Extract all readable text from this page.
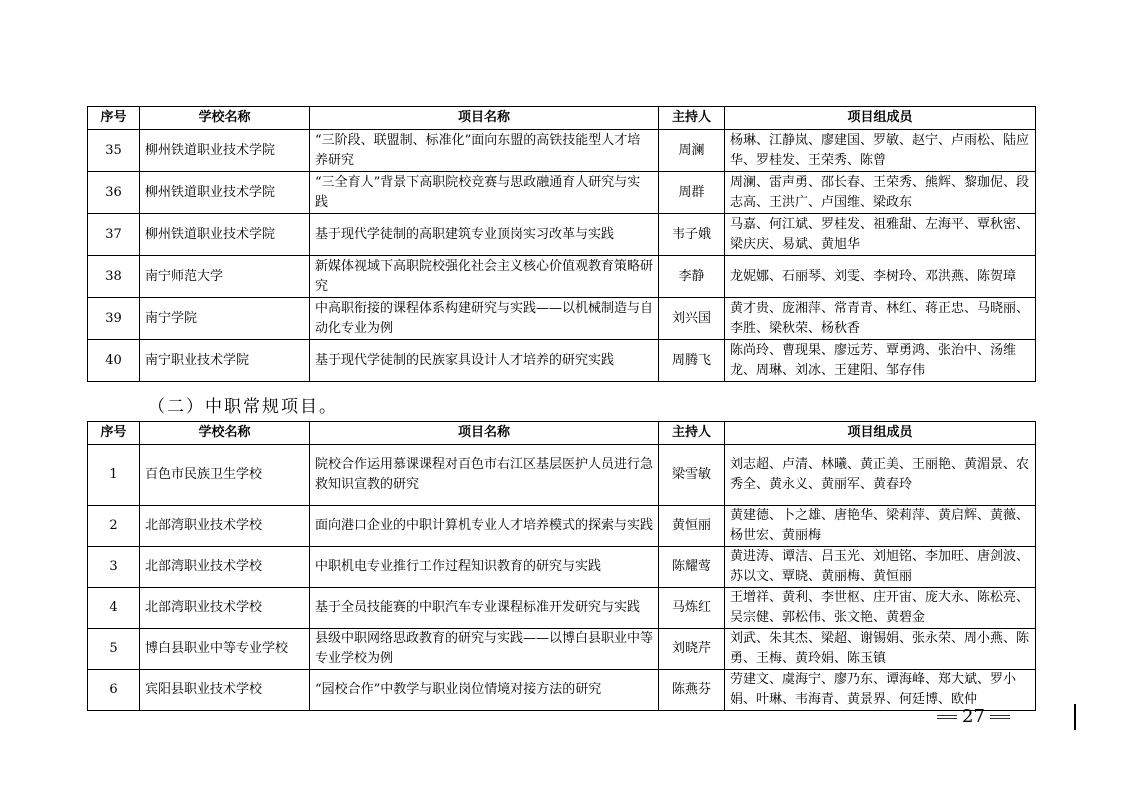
序号	学校名称	项目名称	主持人	项目组成员
35	柳州铁道职业技术学院	“三阶段、联盟制、标准化”面向东盟的高铁技能型人才培养研究	周澜	杨琳、江静岚、廖建国、罗敏、赵宁、卢雨松、陆应华、罗桂发、王荣秀、陈曾
36	柳州铁道职业技术学院	“三全育人”背景下高职院校竞赛与思政融通育人研究与实践	周群	周澜、雷声勇、邵长春、王荣秀、熊辉、黎珈伲、段志高、王洪广、卢国维、梁政东
37	柳州铁道职业技术学院	基于现代学徒制的高职建筑专业顶岗实习改革与实践	韦子娥	马嘉、何江斌、罗桂发、祖雅甜、左海平、覃秋密、梁庆庆、易斌、黄旭华
38	南宁师范大学	新媒体视域下高职院校强化社会主义核心价值观教育策略研究	李静	龙妮娜、石丽琴、刘雯、李树玲、邓洪燕、陈贺璋
39	南宁学院	中高职衔接的课程体系构建研究与实践——以机械制造与自动化专业为例	刘兴国	黄才贵、庞湘萍、常青青、林红、蒋正忠、马晓丽、李胜、梁秋荣、杨秋香
40	南宁职业技术学院	基于现代学徒制的民族家具设计人才培养的研究实践	周腾飞	陈尚玲、曹现果、廖远芳、覃勇鸿、张治中、汤维龙、周琳、刘冰、王建阳、邹存伟

（二）中职常规项目。

序号	学校名称	项目名称	主持人	项目组成员
1	百色市民族卫生学校	院校合作运用慕课课程对百色市右江区基层医护人员进行急救知识宣教的研究	梁雪敏	刘志超、卢清、林曦、黄正美、王丽艳、黄湄景、农秀全、黄永义、黄丽军、黄春玲
2	北部湾职业技术学校	面向港口企业的中职计算机专业人才培养模式的探索与实践	黄恒丽	黄建德、卜之雄、唐艳华、梁莉萍、黄启辉、黄薇、杨世宏、黄丽梅
3	北部湾职业技术学校	中职机电专业推行工作过程知识教育的研究与实践	陈耀莺	黄进涛、谭洁、吕玉光、刘旭铭、李加旺、唐剑波、苏以文、覃晓、黄丽梅、黄恒丽
4	北部湾职业技术学校	基于全员技能赛的中职汽车专业课程标准开发研究与实践	马炼红	王增祥、黄利、李世枢、庄开宙、庞大永、陈松亮、吴宗健、郭松伟、张文艳、黄碧金
5	博白县职业中等专业学校	县级中职网络思政教育的研究与实践——以博白县职业中等专业学校为例	刘晓芹	刘武、朱其杰、梁超、谢锡娟、张永荣、周小燕、陈勇、王梅、黄玲娟、陈玉镇
6	宾阳县职业技术学校	“园校合作”中教学与职业岗位情境对接方法的研究	陈燕芬	劳建文、虞海宁、廖乃东、谭海峰、郑大斌、罗小娟、叶琳、韦海青、黄景界、何廷博、欧仲
27
